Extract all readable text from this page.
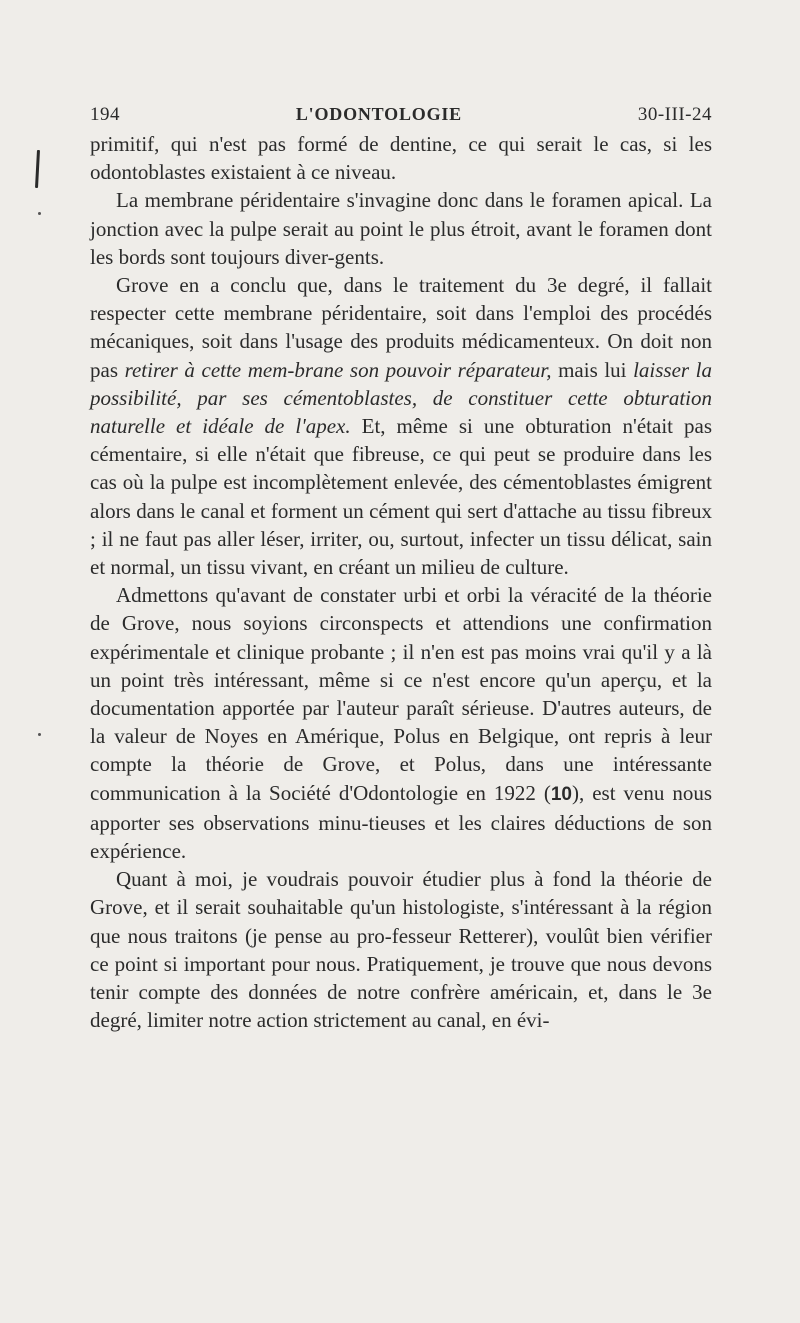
194	L'ODONTOLOGIE	30-III-24

primitif, qui n'est pas formé de dentine, ce qui serait le cas, si les odontoblastes existaient à ce niveau.

La membrane péridentaire s'invagine donc dans le foramen apical. La jonction avec la pulpe serait au point le plus étroit, avant le foramen dont les bords sont toujours diver-gents.

Grove en a conclu que, dans le traitement du 3e degré, il fallait respecter cette membrane péridentaire, soit dans l'emploi des procédés mécaniques, soit dans l'usage des produits médicamenteux. On doit non pas retirer à cette mem-brane son pouvoir réparateur, mais lui laisser la possibilité, par ses cémentoblastes, de constituer cette obturation naturelle et idéale de l'apex. Et, même si une obturation n'était pas cémentaire, si elle n'était que fibreuse, ce qui peut se produire dans les cas où la pulpe est incomplètement enlevée, des cémentoblastes émigrent alors dans le canal et forment un cément qui sert d'attache au tissu fibreux ; il ne faut pas aller léser, irriter, ou, surtout, infecter un tissu délicat, sain et normal, un tissu vivant, en créant un milieu de culture.

Admettons qu'avant de constater urbi et orbi la véracité de la théorie de Grove, nous soyions circonspects et attendions une confirmation expérimentale et clinique probante ; il n'en est pas moins vrai qu'il y a là un point très intéressant, même si ce n'est encore qu'un aperçu, et la documentation apportée par l'auteur paraît sérieuse. D'autres auteurs, de la valeur de Noyes en Amérique, Polus en Belgique, ont repris à leur compte la théorie de Grove, et Polus, dans une intéressante communication à la Société d'Odontologie en 1922 (10), est venu nous apporter ses observations minu-tieuses et les claires déductions de son expérience.

Quant à moi, je voudrais pouvoir étudier plus à fond la théorie de Grove, et il serait souhaitable qu'un histologiste, s'intéressant à la région que nous traitons (je pense au pro-fesseur Retterer), voulût bien vérifier ce point si important pour nous. Pratiquement, je trouve que nous devons tenir compte des données de notre confrère américain, et, dans le 3e degré, limiter notre action strictement au canal, en évi-
